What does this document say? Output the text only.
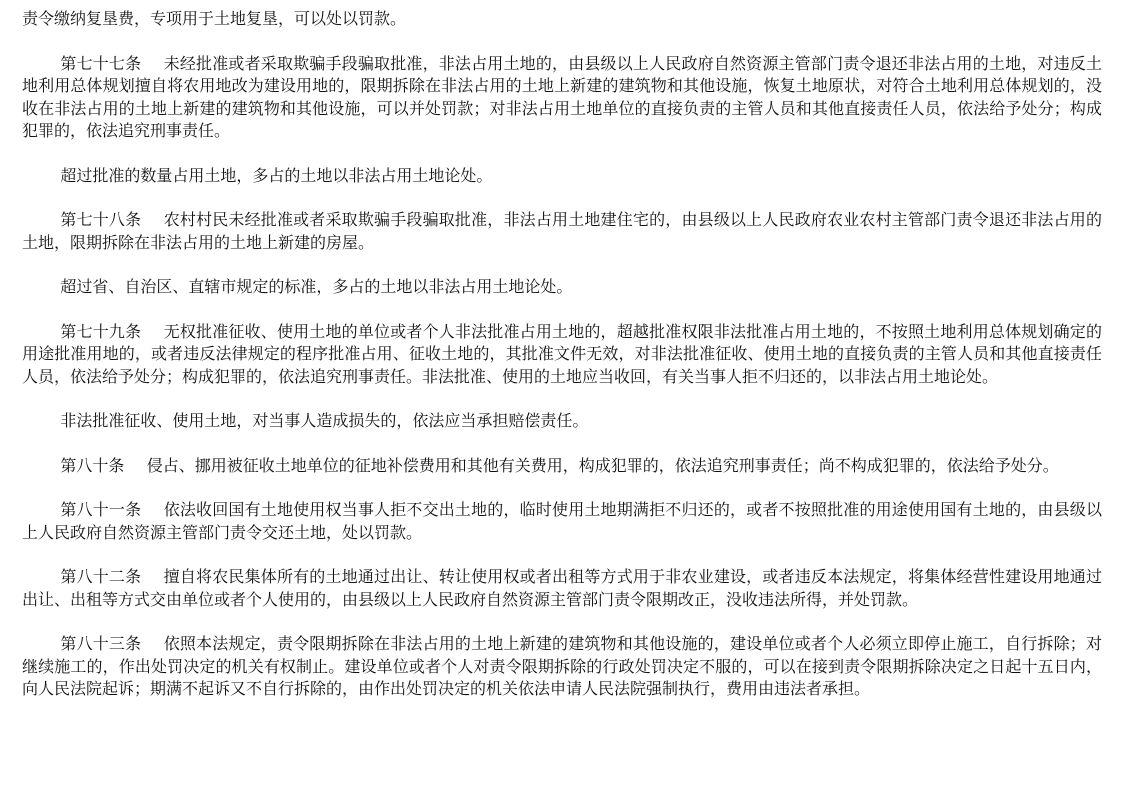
责令缴纳复垦费，专项用于土地复垦，可以处以罚款。

第七十七条 未经批准或者采取欺骗手段骗取批准，非法占用土地的，由县级以上人民政府自然资源主管部门责令退还非法占用的土地，对违反土地利用总体规划擅自将农用地改为建设用地的，限期拆除在非法占用的土地上新建的建筑物和其他设施，恢复土地原状，对符合土地利用总体规划的，没收在非法占用的土地上新建的建筑物和其他设施，可以并处罚款；对非法占用土地单位的直接负责的主管人员和其他直接责任人员，依法给予处分；构成犯罪的，依法追究刑事责任。

超过批准的数量占用土地，多占的土地以非法占用土地论处。

第七十八条 农村村民未经批准或者采取欺骗手段骗取批准，非法占用土地建住宅的，由县级以上人民政府农业农村主管部门责令退还非法占用的土地，限期拆除在非法占用的土地上新建的房屋。

超过省、自治区、直辖市规定的标准，多占的土地以非法占用土地论处。

第七十九条 无权批准征收、使用土地的单位或者个人非法批准占用土地的，超越批准权限非法批准占用土地的，不按照土地利用总体规划确定的用途批准用地的，或者违反法律规定的程序批准占用、征收土地的，其批准文件无效，对非法批准征收、使用土地的直接负责的主管人员和其他直接责任人员，依法给予处分；构成犯罪的，依法追究刑事责任。非法批准、使用的土地应当收回，有关当事人拒不归还的，以非法占用土地论处。

非法批准征收、使用土地，对当事人造成损失的，依法应当承担赔偿责任。

第八十条 侵占、挪用被征收土地单位的征地补偿费用和其他有关费用，构成犯罪的，依法追究刑事责任；尚不构成犯罪的，依法给予处分。

第八十一条 依法收回国有土地使用权当事人拒不交出土地的，临时使用土地期满拒不归还的，或者不按照批准的用途使用国有土地的，由县级以上人民政府自然资源主管部门责令交还土地，处以罚款。

第八十二条 擅自将农民集体所有的土地通过出让、转让使用权或者出租等方式用于非农业建设，或者违反本法规定，将集体经营性建设用地通过出让、出租等方式交由单位或者个人使用的，由县级以上人民政府自然资源主管部门责令限期改正，没收违法所得，并处罚款。

第八十三条 依照本法规定，责令限期拆除在非法占用的土地上新建的建筑物和其他设施的，建设单位或者个人必须立即停止施工，自行拆除；对继续施工的，作出处罚决定的机关有权制止。建设单位或者个人对责令限期拆除的行政处罚决定不服的，可以在接到责令限期拆除决定之日起十五日内，向人民法院起诉；期满不起诉又不自行拆除的，由作出处罚决定的机关依法申请人民法院强制执行，费用由违法者承担。
